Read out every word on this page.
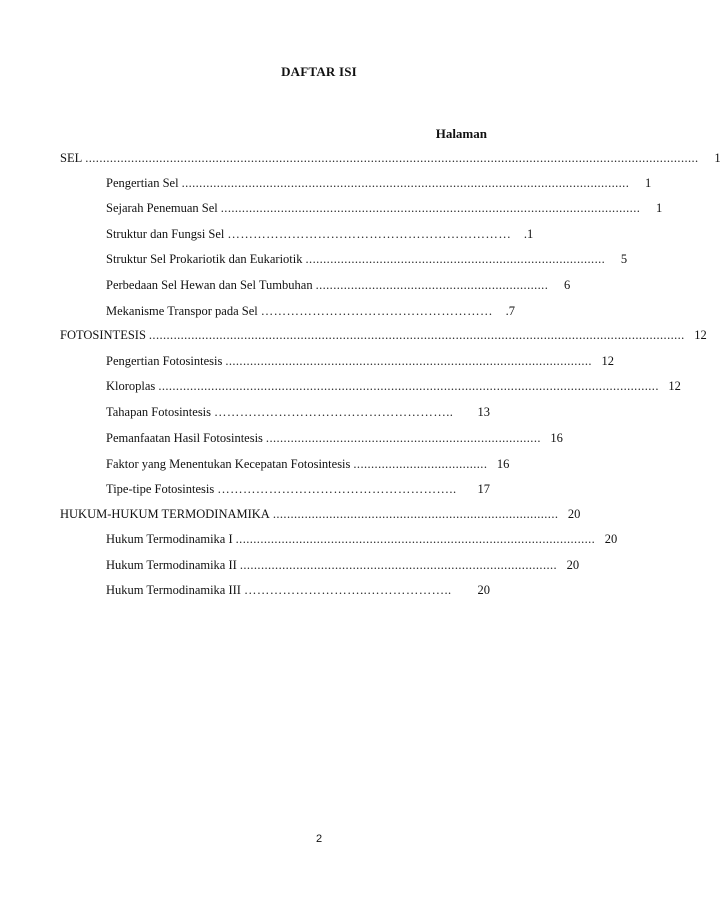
DAFTAR ISI
Halaman
SEL ..............................................................................................................................................................................	1
Pengertian Sel ...............................................................................................................................	1
Sejarah Penemuan Sel .......................................................................................................................	1
Struktur dan Fungsi Sel …………………………………………………………	.1
Struktur Sel Prokariotik dan Eukariotik .....................................................................................	5
Perbedaan Sel Hewan dan Sel Tumbuhan ..................................................................	6
Mekanisme Transpor pada Sel ………………………………………………	.7
FOTOSINTESIS ........................................................................................................................................................ 12
Pengertian Fotosintesis ........................................................................................................ 12
Kloroplas .............................................................................................................................................. 12
Tahapan Fotosintesis ………………………………………………..	13
Pemanfaatan Hasil Fotosintesis .............................................................................. 16
Faktor yang Menentukan Kecepatan Fotosintesis ...................................... 16
Tipe-tipe Fotosintesis ………………………………………………..	17
HUKUM-HUKUM TERMODINAMIKA ................................................................................. 20
Hukum Termodinamika I ...................................................................................................... 20
Hukum Termodinamika II .......................................................................................... 20
Hukum Termodinamika III ………………………..………………..	20
2
